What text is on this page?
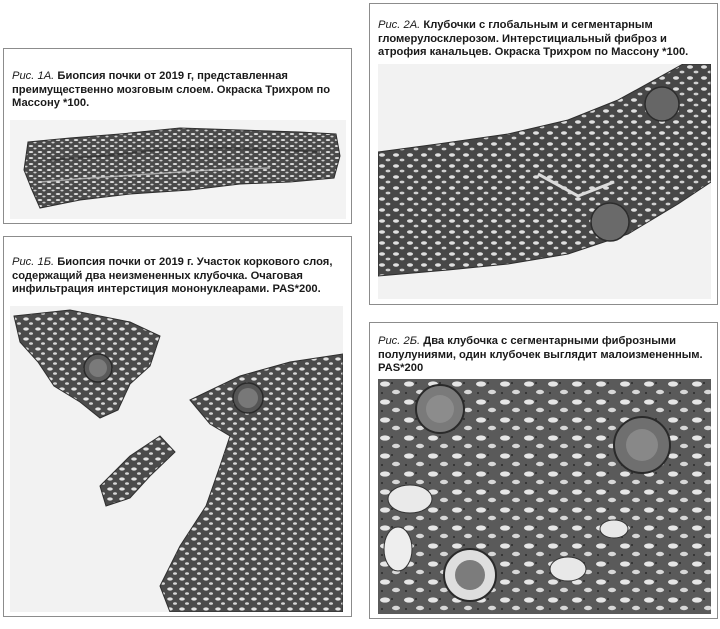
Рис. 1А. Биопсия почки от 2019 г, представленная преимущественно мозговым слоем. Окраска Трихром по Массону *100.
Рис. 1Б. Биопсия почки от 2019 г. Участок коркового слоя, содержащий два неизмененных клубочка. Очаговая инфильтрация интерстиция мононуклеарами. PAS*200.
Рис. 2А. Клубочки с глобальным и сегментарным гломерулосклерозом. Интерстициальный фиброз и атрофия канальцев. Окраска Трихром по Массону *100.
Рис. 2Б. Два клубочка с сегментарными фиброзными полулуниями, один клубочек выглядит малоизмененным. PAS*200
